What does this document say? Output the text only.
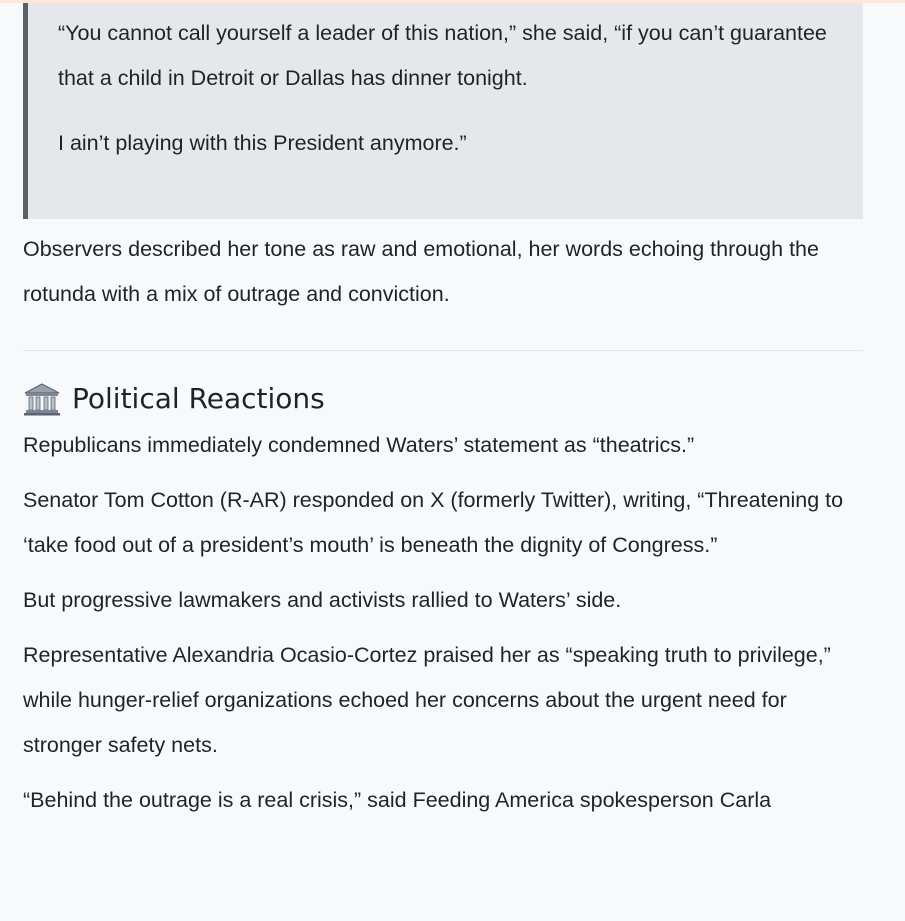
“You cannot call yourself a leader of this nation,” she said, “if you can’t guarantee that a child in Detroit or Dallas has dinner tonight.

I ain’t playing with this President anymore.”

Observers described her tone as raw and emotional, her words echoing through the rotunda with a mix of outrage and conviction.

Political Reactions

Republicans immediately condemned Waters’ statement as “theatrics.”

Senator Tom Cotton (R-AR) responded on X (formerly Twitter), writing, “Threatening to ‘take food out of a president’s mouth’ is beneath the dignity of Congress.”

But progressive lawmakers and activists rallied to Waters’ side.

Representative Alexandria Ocasio-Cortez praised her as “speaking truth to privilege,” while hunger-relief organizations echoed her concerns about the urgent need for stronger safety nets.

“Behind the outrage is a real crisis,” said Feeding America spokesperson Carla
